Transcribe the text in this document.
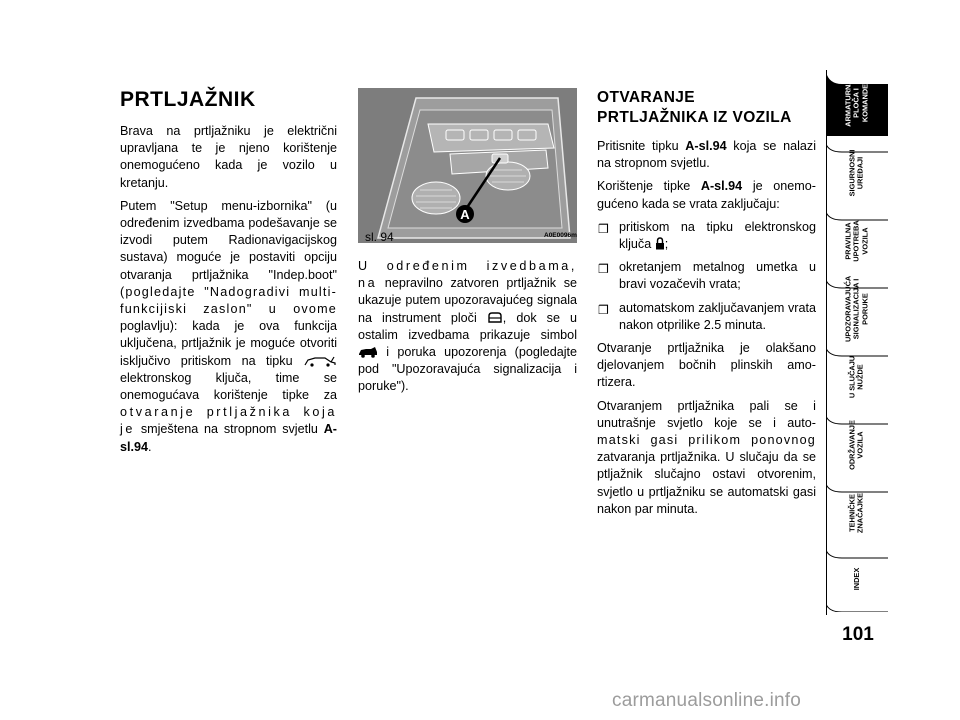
PRTLJAŽNIK

Brava na prtljažniku je električni upravljana te je njeno korištenje onemogućeno kada je vozilo u kretanju.

Putem "Setup menu-izbornika" (u određenim izvedbama podešavanje se izvodi putem Radionavigacijskog sustava) moguće je postaviti opciju otvaranja prtljažnika "Indep.boot" (pogledajte "Nadogradivi multi-funkcijiski zaslon" u ovome poglavlju): kada je ova funkcija uključena, prtljažnik je moguće otvoriti isključivo pritiskom na tipku  elektronskog ključa, time se onemogućava korištenje tipke za otvaranje prtljažnika koja je smještena na stropnom svjetlu A-sl.94.

A
sl. 94	A0E0096m

U određenim izvedbama, na nepravilno zatvoren prtljažnik se ukazuje putem upozoravajućeg signala na instrument ploči , dok se u ostalim izvedbama prikazuje simbol  i poruka upozorenja (pogledajte pod "Upozoravajuća signalizacija i poruke").

OTVARANJE
PRTLJAŽNIKA IZ VOZILA

Pritisnite tipku A-sl.94 koja se nalazi na stropnom svjetlu.

Korištenje tipke A-sl.94 je onemo-gućeno kada se vrata zaključaju:

❒ pritiskom na tipku elektronskog ključa ;
❒ okretanjem metalnog umetka u bravi vozačevih vrata;
❒ automatskom zaključavanjem vrata nakon otprilike 2.5 minuta.

Otvaranje prtljažnika je olakšano djelovanjem bočnih plinskih amo-rtizera.

Otvaranjem prtljažnika pali se i unutrašnje svjetlo koje se i auto-matski gasi prilikom ponovnog zatvaranja prtljažnika. U slučaju da se ptljažnik slučajno ostavi otvorenim, svjetlo u prtljažniku se automatski gasi nakon par minuta.

ARMATURNA
PLOČA I
KOMANDE
SIGURNOSNI
UREĐAJI
PRAVILNA
UPOTREBA
VOZILA
UPOZORAVAJUĆA
SIGNALIZACIJA I
PORUKE
U SLUČAJU
NUŽDE
ODRŽAVANJE
VOZILA
TEHNIČKE
ZNAČAJKE
INDEX
101
carmanualsonline.info
